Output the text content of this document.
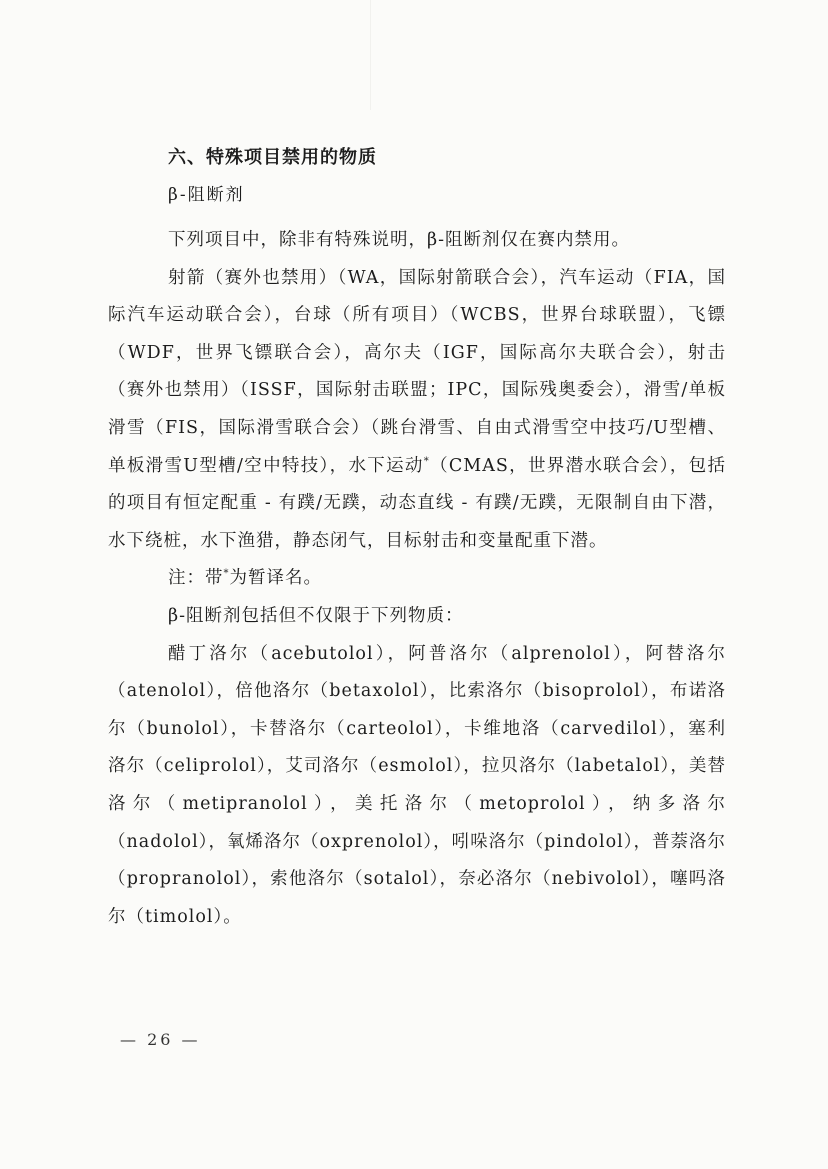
六、特殊项目禁用的物质
β-阻断剂

下列项目中，除非有特殊说明，β-阻断剂仅在赛内禁用。

射箭（赛外也禁用）（WA，国际射箭联合会），汽车运动（FIA，国际汽车运动联合会），台球（所有项目）（WCBS，世界台球联盟），飞镖（WDF，世界飞镖联合会），高尔夫（IGF，国际高尔夫联合会），射击（赛外也禁用）（ISSF，国际射击联盟；IPC，国际残奥委会），滑雪/单板滑雪（FIS，国际滑雪联合会）（跳台滑雪、自由式滑雪空中技巧/U型槽、单板滑雪U型槽/空中特技），水下运动*（CMAS，世界潜水联合会），包括的项目有恒定配重 - 有蹼/无蹼，动态直线 - 有蹼/无蹼，无限制自由下潜，水下绕桩，水下渔猎，静态闭气，目标射击和变量配重下潜。

注：带*为暂译名。

β-阻断剂包括但不仅限于下列物质：

醋丁洛尔（acebutolol），阿普洛尔（alprenolol），阿替洛尔（atenolol），倍他洛尔（betaxolol），比索洛尔（bisoprolol），布诺洛尔（bunolol），卡替洛尔（carteolol），卡维地洛（carvedilol），塞利洛尔（celiprolol），艾司洛尔（esmolol），拉贝洛尔（labetalol），美替洛尔（metipranolol），美托洛尔（metoprolol），纳多洛尔（nadolol），氧烯洛尔（oxprenolol），吲哚洛尔（pindolol），普萘洛尔（propranolol），索他洛尔（sotalol），奈必洛尔（nebivolol），噻吗洛尔（timolol）。

— 26 —
